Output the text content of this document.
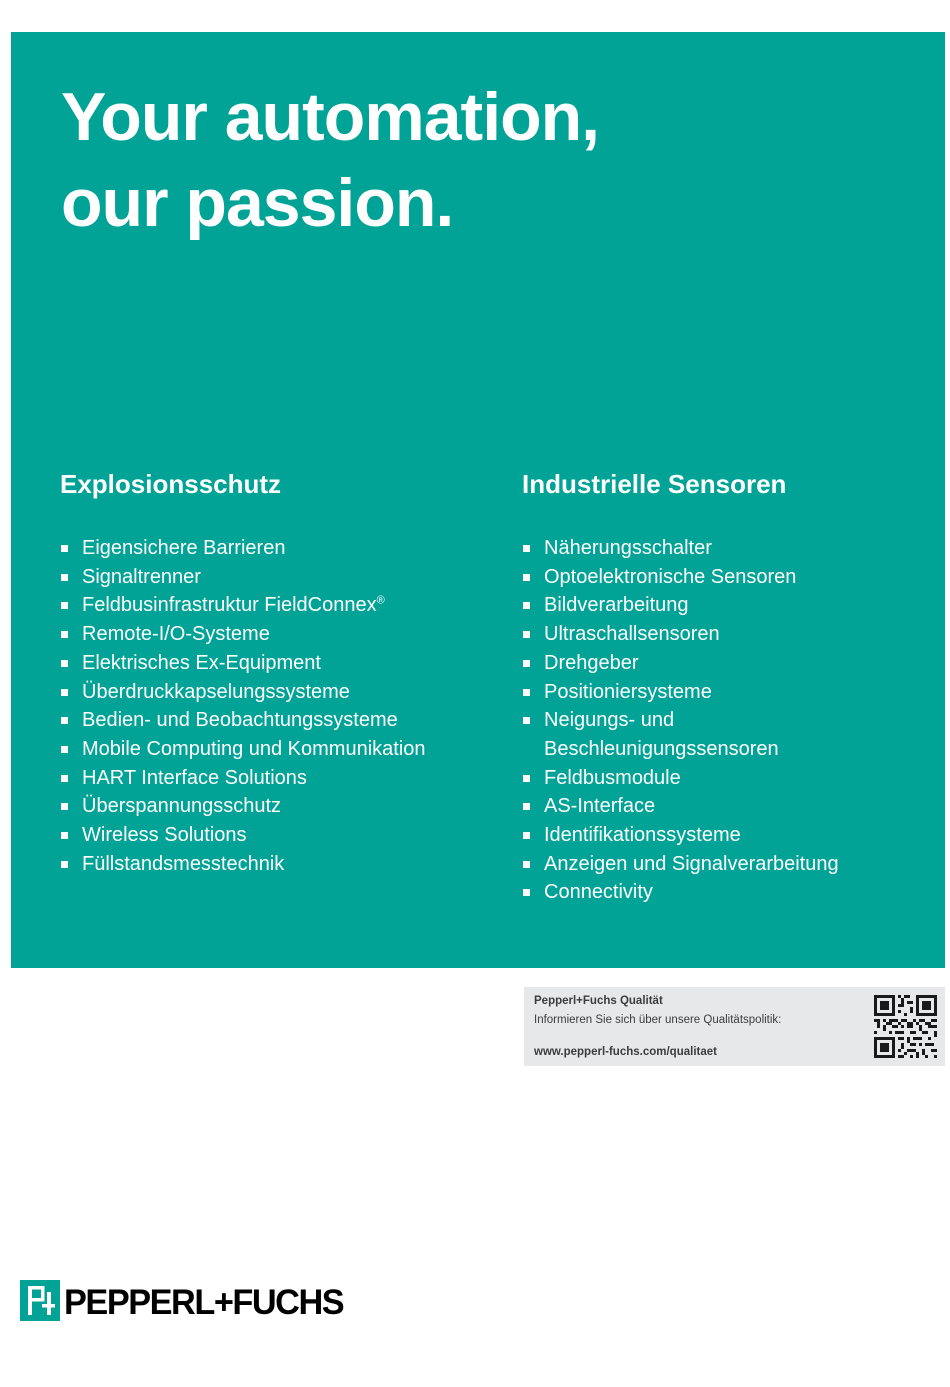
Your automation,
our passion.
Explosionsschutz
Eigensichere Barrieren
Signaltrenner
Feldbusinfrastruktur FieldConnex®
Remote-I/O-Systeme
Elektrisches Ex-Equipment
Überdruckkapselungssysteme
Bedien- und Beobachtungssysteme
Mobile Computing und Kommunikation
HART Interface Solutions
Überspannungsschutz
Wireless Solutions
Füllstandsmesstechnik
Industrielle Sensoren
Näherungsschalter
Optoelektronische Sensoren
Bildverarbeitung
Ultraschallsensoren
Drehgeber
Positioniersysteme
Neigungs- und
Beschleunigungssensoren
Feldbusmodule
AS-Interface
Identifikationssysteme
Anzeigen und Signalverarbeitung
Connectivity
Pepperl+Fuchs Qualität
Informieren Sie sich über unsere Qualitätspolitik:
www.pepperl-fuchs.com/qualitaet
PEPPERL+FUCHS
